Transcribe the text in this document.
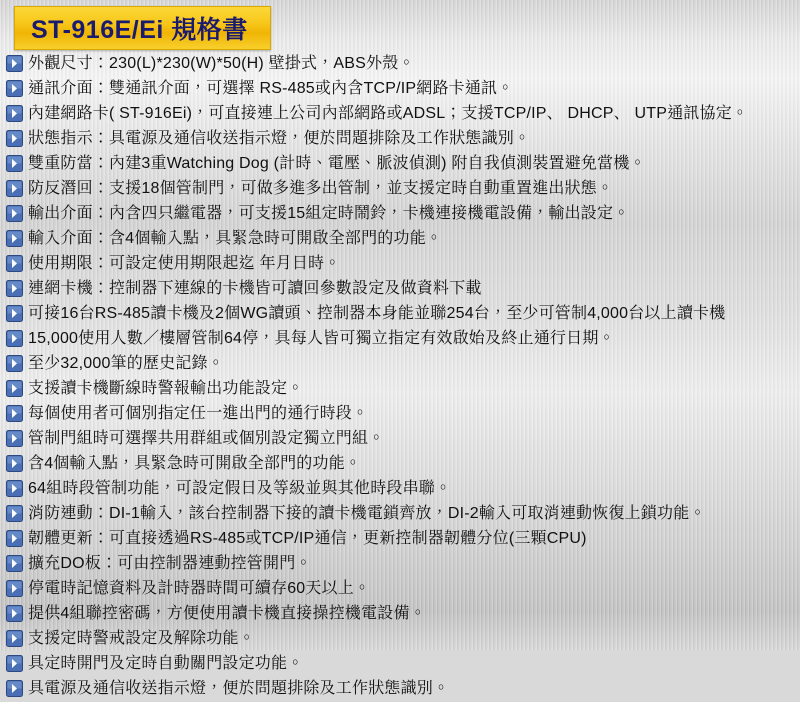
ST-916E/Ei 規格書
外觀尺寸：230(L)*230(W)*50(H) 壁掛式，ABS外殼。
通訊介面：雙通訊介面，可選擇 RS-485或內含TCP/IP網路卡通訊。
內建網路卡( ST-916Ei)，可直接連上公司內部網路或ADSL；支援TCP/IP、 DHCP、 UTP通訊協定。
狀態指示：具電源及通信收送指示燈，便於問題排除及工作狀態識別。
雙重防當：內建3重Watching Dog (計時、電壓、脈波偵測) 附自我偵測裝置避免當機。
防反潛回：支援18個管制門，可做多進多出管制，並支援定時自動重置進出狀態。
輸出介面：內含四只繼電器，可支援15組定時鬧鈴，卡機連接機電設備，輸出設定。
輸入介面：含4個輸入點，具緊急時可開啟全部門的功能。
使用期限：可設定使用期限起迄 年月日時。
連網卡機：控制器下連線的卡機皆可讀回參數設定及做資料下載
可接16台RS-485讀卡機及2個WG讀頭、控制器本身能並聯254台，至少可管制4,000台以上讀卡機
15,000使用人數／樓層管制64停，具每人皆可獨立指定有效啟始及終止通行日期。
至少32,000筆的歷史記錄。
支援讀卡機斷線時警報輸出功能設定。
每個使用者可個別指定任一進出門的通行時段。
管制門組時可選擇共用群組或個別設定獨立門組。
含4個輸入點，具緊急時可開啟全部門的功能。
64組時段管制功能，可設定假日及等級並與其他時段串聯。
消防連動：DI-1輸入，該台控制器下接的讀卡機電鎖齊放，DI-2輸入可取消連動恢復上鎖功能。
韌體更新：可直接透過RS-485或TCP/IP通信，更新控制器韌體分位(三顆CPU)
擴充DO板：可由控制器連動控管開門。
停電時記憶資料及計時器時間可續存60天以上。
提供4組聯控密碼，方便使用讀卡機直接操控機電設備。
支援定時警戒設定及解除功能。
具定時開門及定時自動關門設定功能。
具電源及通信收送指示燈，便於問題排除及工作狀態識別。
